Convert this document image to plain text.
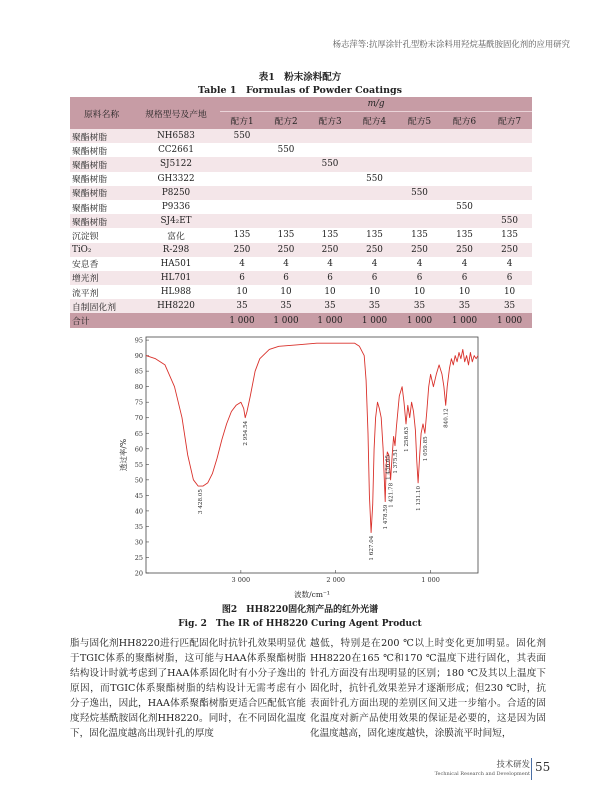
杨志萍等:抗厚涂针孔型粉末涂料用羟烷基酰胺固化剂的应用研究
表1　粉末涂料配方
Table 1　Formulas of Powder Coatings
原料名称	规格型号及产地	m/g						
		配方1	配方2	配方3	配方4	配方5	配方6	配方7
聚酯树脂	NH6583	550						
聚酯树脂	CC2661		550					
聚酯树脂	SJ5122			550				
聚酯树脂	GH3322				550			
聚酯树脂	P8250					550		
聚酯树脂	P9336						550	
聚酯树脂	SJ4₂ET							550
沉淀钡	富化	135	135	135	135	135	135	135
TiO₂	R-298	250	250	250	250	250	250	250
安息香	HA501	4	4	4	4	4	4	4
增光剂	HL701	6	6	6	6	6	6	6
流平剂	HL988	10	10	10	10	10	10	10
自制固化剂	HH8220	35	35	35	35	35	35	35
合计		1 000	1 000	1 000	1 000	1 000	1 000	1 000
20
25
30
35
40
45
50
55
60
65
70
75
80
85
90
95
3 000	2 000	1 000
波数/cm⁻¹
透过率/%
3 428.05
2 954.54
1 627.04
1 478.59
1 456.65
1 421.78
1 375.51
1 258.63
1 131.10
1 059.85
840.12
图2　HH8220固化剂产品的红外光谱
Fig. 2　The IR of HH8220 Curing Agent Product
脂与固化剂HH8220进行匹配固化时抗针孔效果明显优于TGIC体系的聚酯树脂，这可能与HAA体系聚酯树脂结构设计时就考虑到了HAA体系固化时有小分子逸出的原因，而TGIC体系聚酯树脂的结构设计无需考虑有小分子逸出，因此，HAA体系聚酯树脂更适合匹配低官能度羟烷基酰胺固化剂HH8220。同时，在不同固化温度下，固化温度越高出现针孔的厚度
越低，特别是在200 ℃以上时变化更加明显。固化剂HH8220在165 ℃和170 ℃温度下进行固化，其表面针孔方面没有出现明显的区别；180 ℃及其以上温度下固化时，抗针孔效果差异才逐渐形成；但230 ℃时，抗表面针孔方面出现的差别区间又进一步缩小。合适的固化温度对新产品使用效果的保证是必要的，这是因为固化温度越高，固化速度越快，涂膜流平时间短，
技术研发
Technical Research and Development 55
